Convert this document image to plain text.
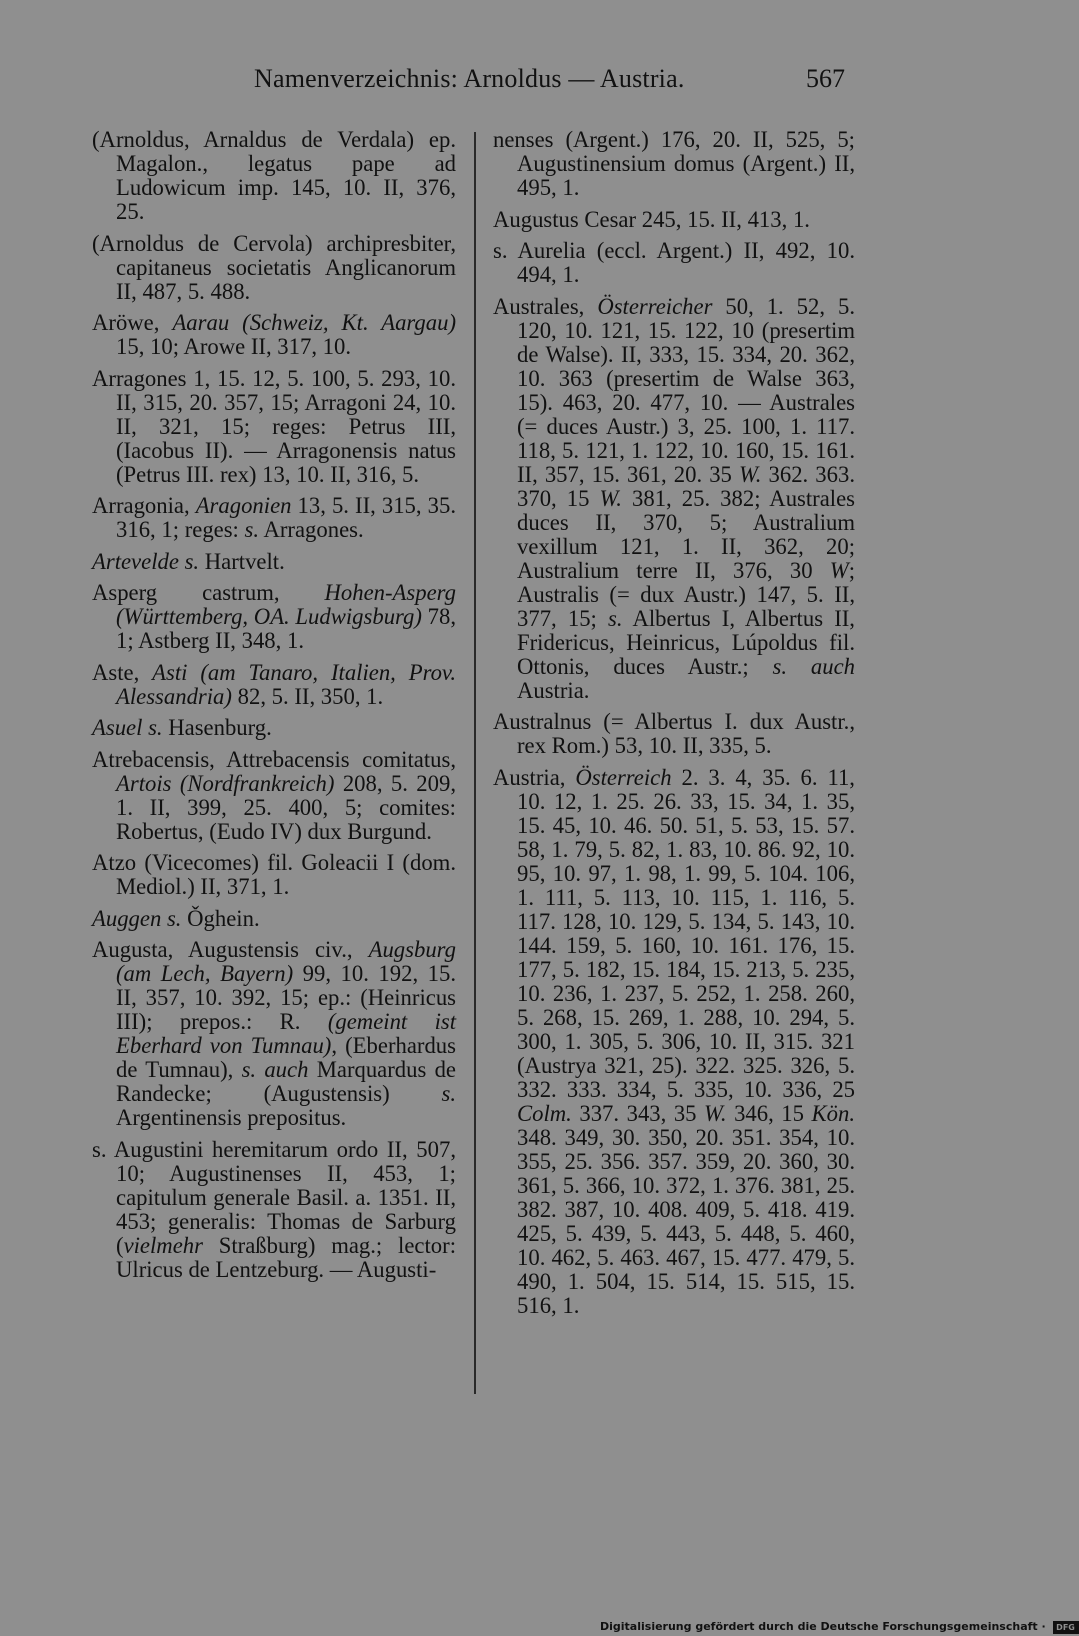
Namenverzeichnis: Arnoldus — Austria.	567

(Arnoldus, Arnaldus de Verdala) ep. Magalon., legatus pape ad Ludowicum imp. 145, 10. II, 376, 25.

(Arnoldus de Cervola) archipresbiter, capitaneus societatis Anglicanorum II, 487, 5. 488.

Aro͏̈we, Aarau (Schweiz, Kt. Aargau) 15, 10; Arowe II, 317, 10.

Arragones 1, 15. 12, 5. 100, 5. 293, 10. II, 315, 20. 357, 15; Arragoni 24, 10. II, 321, 15; reges: Petrus III, (Iacobus II). — Arragonensis natus (Petrus III. rex) 13, 10. II, 316, 5.

Arragonia, Aragonien 13, 5. II, 315, 35. 316, 1; reges: s. Arragones.

Artevelde s. Hartvelt.

Asperg castrum, Hohen-Asperg (Württemberg, OA. Ludwigsburg) 78, 1; Astberg II, 348, 1.

Aste, Asti (am Tanaro, Italien, Prov. Alessandria) 82, 5. II, 350, 1.

Asuel s. Hasenburg.

Atrebacensis, Attrebacensis comitatus, Artois (Nordfrankreich) 208, 5. 209, 1. II, 399, 25. 400, 5; comites: Robertus, (Eudo IV) dux Burgund.

Atzo (Vicecomes) fil. Goleacii I (dom. Mediol.) II, 371, 1.

Auggen s. Ǒghein.

Augusta, Augustensis civ., Augsburg (am Lech, Bayern) 99, 10. 192, 15. II, 357, 10. 392, 15; ep.: (Heinricus III); prepos.: R. (gemeint ist Eberhard von Tumnau), (Eberhardus de Tumnau), s. auch Marquardus de Randecke; (Augustensis) s. Argentinensis prepositus.

s. Augustini heremitarum ordo II, 507, 10; Augustinenses II, 453, 1; capitulum generale Basil. a. 1351. II, 453; generalis: Thomas de Sarburg (vielmehr Straßburg) mag.; lector: Ulricus de Lentzeburg. — Augusti-

nenses (Argent.) 176, 20. II, 525, 5; Augustinensium domus (Argent.) II, 495, 1.

Augustus Cesar 245, 15. II, 413, 1.

s. Aurelia (eccl. Argent.) II, 492, 10. 494, 1.

Australes, Österreicher 50, 1. 52, 5. 120, 10. 121, 15. 122, 10 (presertim de Walse). II, 333, 15. 334, 20. 362, 10. 363 (presertim de Walse 363, 15). 463, 20. 477, 10. — Australes (= duces Austr.) 3, 25. 100, 1. 117. 118, 5. 121, 1. 122, 10. 160, 15. 161. II, 357, 15. 361, 20. 35 W. 362. 363. 370, 15 W. 381, 25. 382; Australes duces II, 370, 5; Australium vexillum 121, 1. II, 362, 20; Australium terre II, 376, 30 W; Australis (= dux Austr.) 147, 5. II, 377, 15; s. Albertus I, Albertus II, Fridericus, Heinricus, Lúpoldus fil. Ottonis, duces Austr.; s. auch Austria.

Australnus (= Albertus I. dux Austr., rex Rom.) 53, 10. II, 335, 5.

Austria, Österreich 2. 3. 4, 35. 6. 11, 10. 12, 1. 25. 26. 33, 15. 34, 1. 35, 15. 45, 10. 46. 50. 51, 5. 53, 15. 57. 58, 1. 79, 5. 82, 1. 83, 10. 86. 92, 10. 95, 10. 97, 1. 98, 1. 99, 5. 104. 106, 1. 111, 5. 113, 10. 115, 1. 116, 5. 117. 128, 10. 129, 5. 134, 5. 143, 10. 144. 159, 5. 160, 10. 161. 176, 15. 177, 5. 182, 15. 184, 15. 213, 5. 235, 10. 236, 1. 237, 5. 252, 1. 258. 260, 5. 268, 15. 269, 1. 288, 10. 294, 5. 300, 1. 305, 5. 306, 10. II, 315. 321 (Austrya 321, 25). 322. 325. 326, 5. 332. 333. 334, 5. 335, 10. 336, 25 Colm. 337. 343, 35 W. 346, 15 Kön. 348. 349, 30. 350, 20. 351. 354, 10. 355, 25. 356. 357. 359, 20. 360, 30. 361, 5. 366, 10. 372, 1. 376. 381, 25. 382. 387, 10. 408. 409, 5. 418. 419. 425, 5. 439, 5. 443, 5. 448, 5. 460, 10. 462, 5. 463. 467, 15. 477. 479, 5. 490, 1. 504, 15. 514, 15. 515, 15. 516, 1.

Digitalisierung gefördert durch die Deutsche Forschungsgemeinschaft · DFG
